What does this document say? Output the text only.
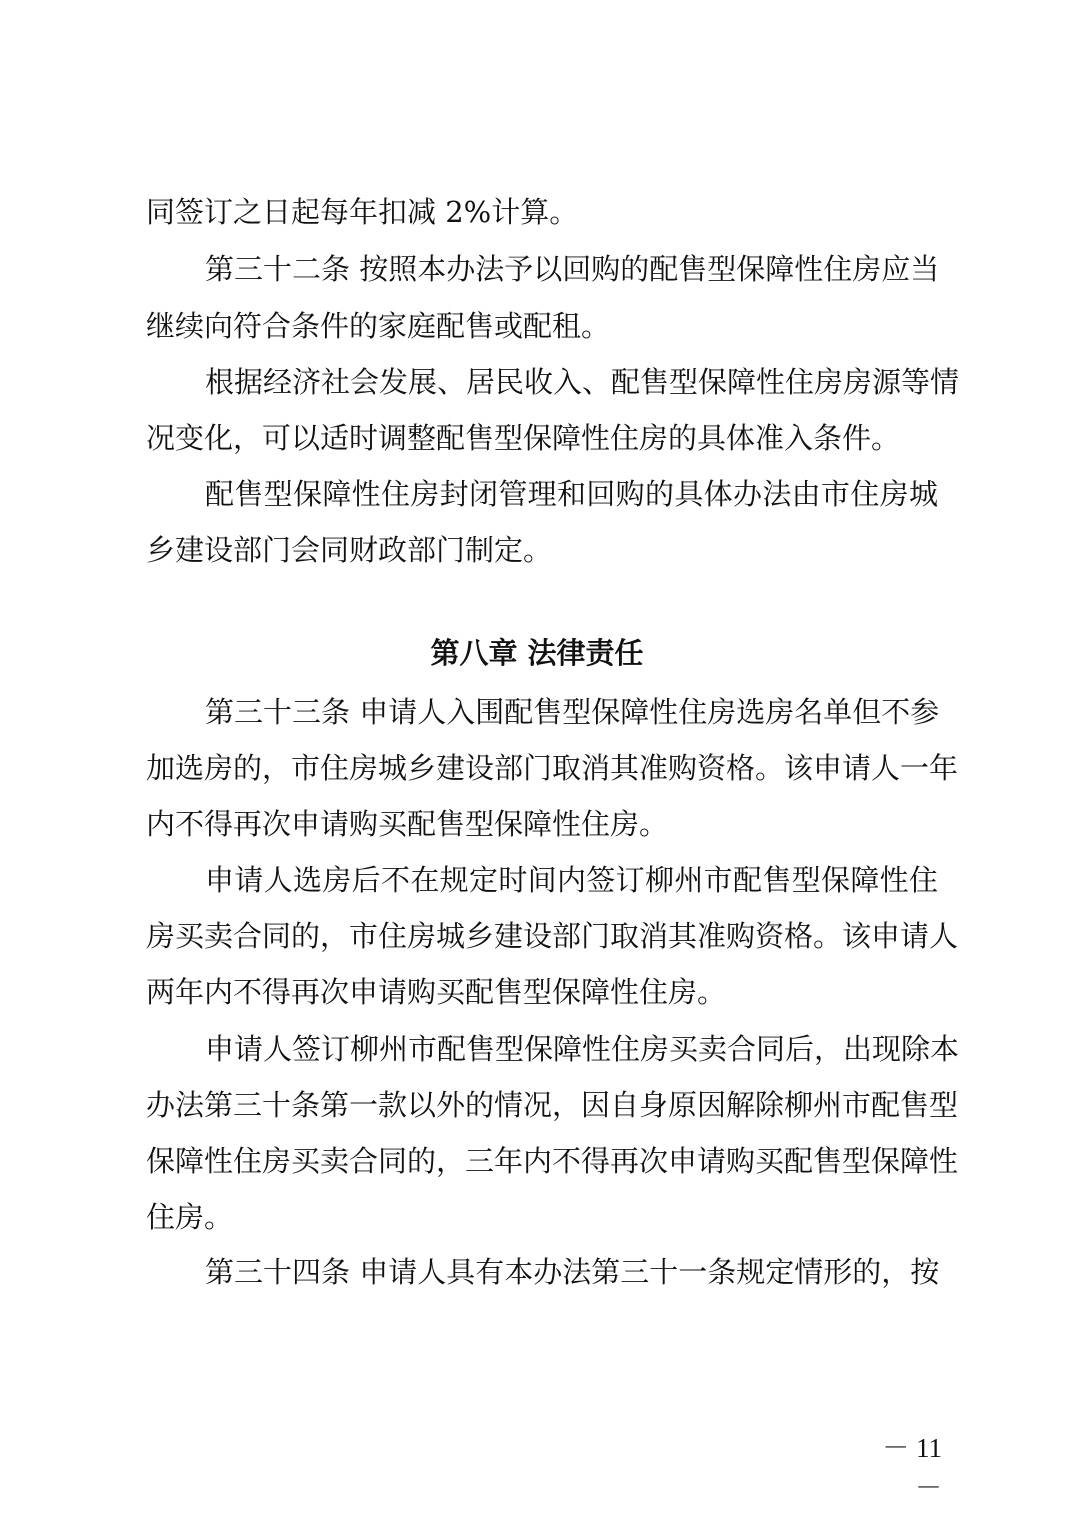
同签订之日起每年扣减 2%计算。
第三十二条 按照本办法予以回购的配售型保障性住房应当
继续向符合条件的家庭配售或配租。
根据经济社会发展、居民收入、配售型保障性住房房源等情
况变化，可以适时调整配售型保障性住房的具体准入条件。
配售型保障性住房封闭管理和回购的具体办法由市住房城
乡建设部门会同财政部门制定。
第八章 法律责任
第三十三条 申请人入围配售型保障性住房选房名单但不参
加选房的，市住房城乡建设部门取消其准购资格。该申请人一年
内不得再次申请购买配售型保障性住房。
申请人选房后不在规定时间内签订柳州市配售型保障性住
房买卖合同的，市住房城乡建设部门取消其准购资格。该申请人
两年内不得再次申请购买配售型保障性住房。
申请人签订柳州市配售型保障性住房买卖合同后，出现除本
办法第三十条第一款以外的情况，因自身原因解除柳州市配售型
保障性住房买卖合同的，三年内不得再次申请购买配售型保障性
住房。
第三十四条 申请人具有本办法第三十一条规定情形的，按
－ 11 －
